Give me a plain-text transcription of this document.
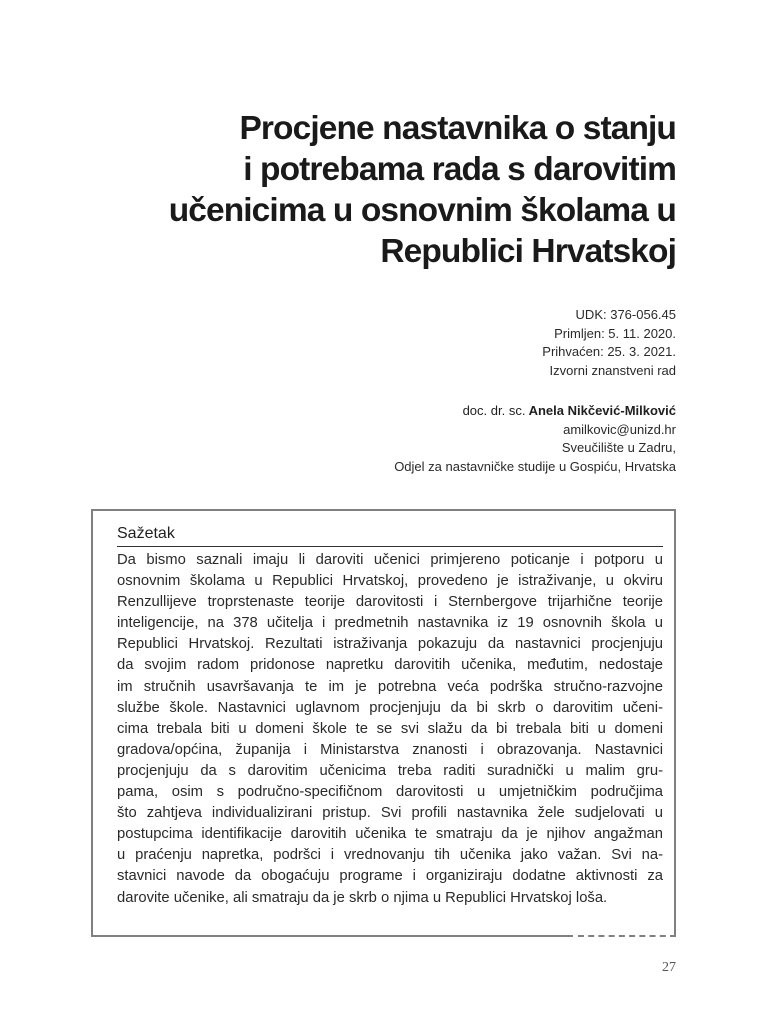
Procjene nastavnika o stanju
i potrebama rada s darovitim
učenicima u osnovnim školama u
Republici Hrvatskoj
UDK: 376-056.45
Primljen: 5. 11. 2020.
Prihvaćen: 25. 3. 2021.
Izvorni znanstveni rad
doc. dr. sc. Anela Nikčević-Milković
amilkovic@unizd.hr
Sveučilište u Zadru,
Odjel za nastavničke studije u Gospiću, Hrvatska
Sažetak
Da bismo saznali imaju li daroviti učenici primjereno poticanje i potporu u
osnovnim školama u Republici Hrvatskoj, provedeno je istraživanje, u okviru
Renzullijeve troprstenaste teorije darovitosti i Sternbergove trijarhične teorije
inteligencije, na 378 učitelja i predmetnih nastavnika iz 19 osnovnih škola u
Republici Hrvatskoj. Rezultati istraživanja pokazuju da nastavnici procjenjuju
da svojim radom pridonose napretku darovitih učenika, međutim, nedostaje
im stručnih usavršavanja te im je potrebna veća podrška stručno-razvojne
službe škole. Nastavnici uglavnom procjenjuju da bi skrb o darovitim učeni-
cima trebala biti u domeni škole te se svi slažu da bi trebala biti u domeni
gradova/općina, županija i Ministarstva znanosti i obrazovanja. Nastavnici
procjenjuju da s darovitim učenicima treba raditi suradnički u malim gru-
pama, osim s područno-specifičnom darovitosti u umjetničkim područjima
što zahtjeva individualizirani pristup. Svi profili nastavnika žele sudjelovati u
postupcima identifikacije darovitih učenika te smatraju da je njihov angažman
u praćenju napretka, podršci i vrednovanju tih učenika jako važan. Svi na-
stavnici navode da obogaćuju programe i organiziraju dodatne aktivnosti za
darovite učenike, ali smatraju da je skrb o njima u Republici Hrvatskoj loša.
27
